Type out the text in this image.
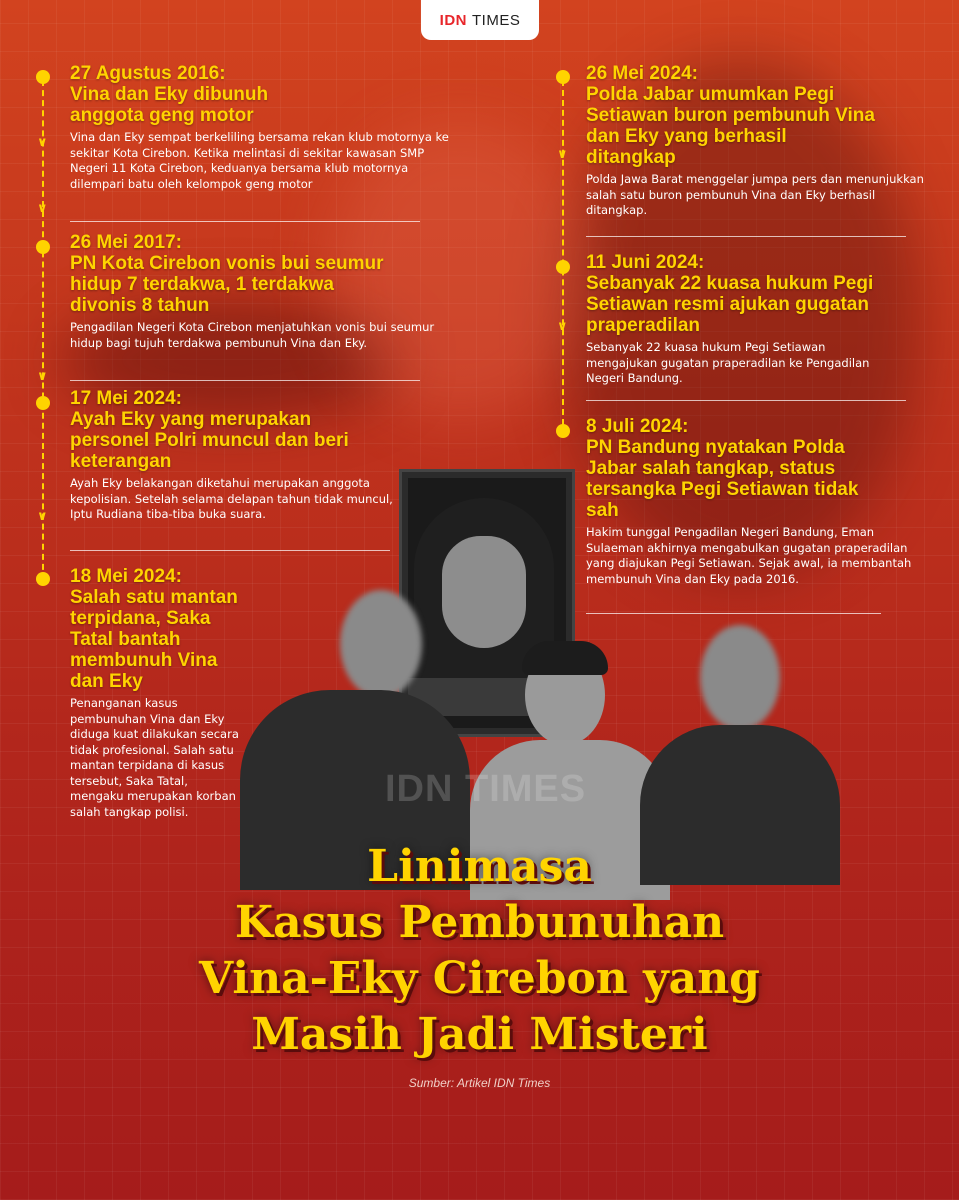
IDN TIMES
∨
∨
27 Agustus 2016:
Vina dan Eky dibunuh anggota geng motor
Vina dan Eky sempat berkeliling bersama rekan klub motornya ke sekitar Kota Cirebon. Ketika melintasi di sekitar kawasan SMP Negeri 11 Kota Cirebon, keduanya bersama klub motornya dilempari batu oleh kelompok geng motor
∨
26 Mei 2017:
PN Kota Cirebon vonis bui seumur hidup 7 terdakwa, 1 terdakwa divonis 8 tahun
Pengadilan Negeri Kota Cirebon menjatuhkan vonis bui seumur hidup bagi tujuh terdakwa pembunuh Vina dan Eky.
∨
17 Mei 2024:
Ayah Eky yang merupakan personel Polri muncul dan beri keterangan
Ayah Eky belakangan diketahui merupakan anggota kepolisian. Setelah selama delapan tahun tidak muncul, Iptu Rudiana tiba-tiba buka suara.
18 Mei 2024:
Salah satu mantan terpidana, Saka Tatal bantah membunuh Vina dan Eky
Penanganan kasus pembunuhan Vina dan Eky diduga kuat dilakukan secara tidak profesional. Salah satu mantan terpidana di kasus tersebut, Saka Tatal, mengaku merupakan korban salah tangkap polisi.
∨
26 Mei 2024:
Polda Jabar umumkan Pegi Setiawan buron pembunuh Vina dan Eky yang berhasil ditangkap
Polda Jawa Barat menggelar jumpa pers dan menunjukkan salah satu buron pembunuh Vina dan Eky berhasil ditangkap.
∨
11 Juni 2024:
Sebanyak 22 kuasa hukum Pegi Setiawan resmi ajukan gugatan praperadilan
Sebanyak 22 kuasa hukum Pegi Setiawan mengajukan gugatan praperadilan ke Pengadilan Negeri Bandung.
8 Juli 2024:
PN Bandung nyatakan Polda Jabar salah tangkap, status tersangka Pegi Setiawan tidak sah
Hakim tunggal Pengadilan Negeri Bandung, Eman Sulaeman akhirnya mengabulkan gugatan praperadilan yang diajukan Pegi Setiawan. Sejak awal, ia membantah membunuh Vina dan Eky pada 2016.
IDN TIMES
Linimasa
Kasus Pembunuhan
Vina-Eky Cirebon yang
Masih Jadi Misteri
Sumber: Artikel IDN Times
